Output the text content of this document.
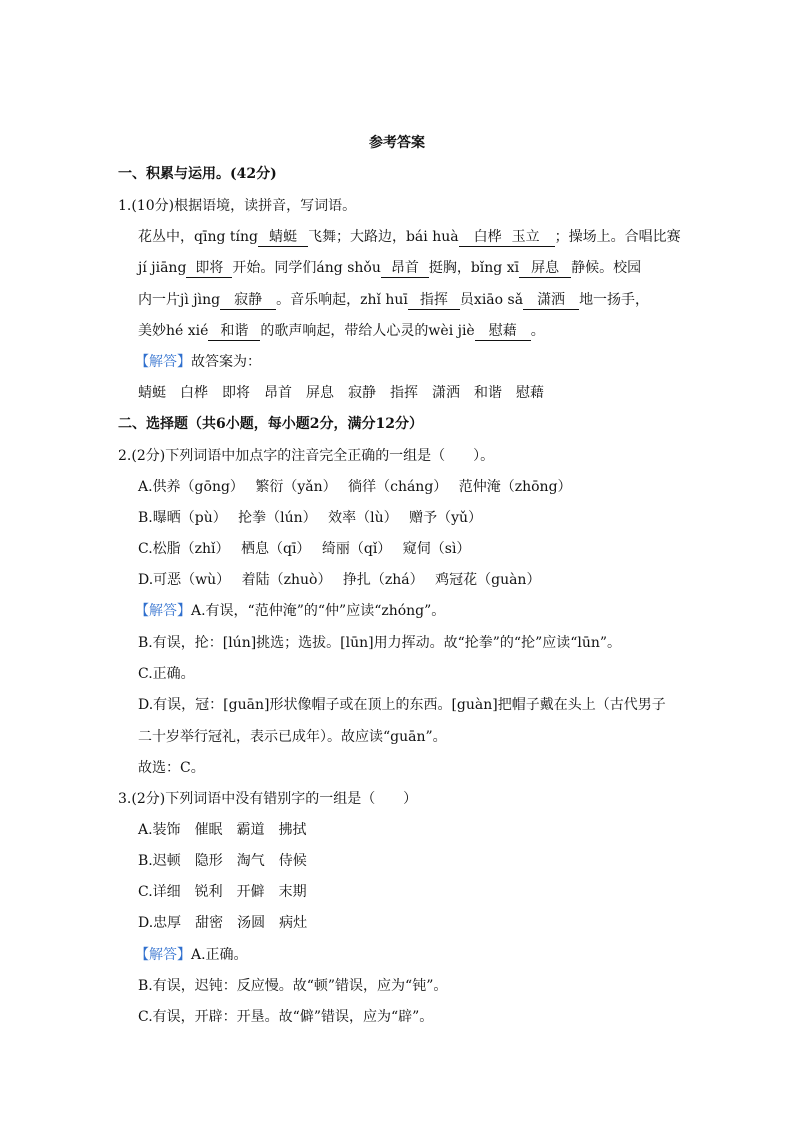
参考答案
一、积累与运用。(42分)
1.(10分)根据语境，读拼音，写词语。
花丛中，qīng tíng 蜻蜓 飞舞；大路边，bái huà 白桦 玉立 ；操场上。合唱比赛
jí jiāng 即将 开始。同学们áng shǒu 昂首 挺胸，bǐng xī 屏息 静候。校园
内一片jì jìng 寂静 。音乐响起，zhǐ huī 指挥 员xiāo sǎ 潇洒 地一扬手，
美妙hé xié 和谐 的歌声响起，带给人心灵的wèi jiè 慰藉 。
【解答】故答案为：
蜻蜓　白桦　即将　昂首　屏息　寂静　指挥　潇洒　和谐　慰藉
二、选择题（共6小题，每小题2分，满分12分）
2.(2分)下列词语中加点字的注音完全正确的一组是（　　）。
A.供养（gōng）　 繁衍（yǎn）　 徜徉（cháng）　 范仲淹（zhōng）
B.曝晒（pù）　 抡拳（lún）　 效率（lù）　 赠予（yǔ）
C.松脂（zhǐ）　 栖息（qī）　 绮丽（qǐ）　 窥伺（sì）
D.可恶（wù）　 着陆（zhuò）　 挣扎（zhá）　 鸡冠花（guàn）
【解答】A.有误，“范仲淹”的“仲”应读“zhóng”。
B.有误，抡：[lún]挑选；选拔。[lūn]用力挥动。故“抡拳”的“抡”应读“lūn”。
C.正确。
D.有误，冠：[guān]形状像帽子或在顶上的东西。[guàn]把帽子戴在头上（古代男子
二十岁举行冠礼，表示已成年）。故应读“guān”。
故选：C。
3.(2分)下列词语中没有错别字的一组是（　　）
A.装饰　催眠　霸道　拂拭
B.迟顿　隐形　淘气　侍候
C.详细　锐利　开僻　末期
D.忠厚　甜密　汤圆　病灶
【解答】A.正确。
B.有误，迟钝：反应慢。故“顿”错误，应为“钝”。
C.有误，开辟：开垦。故“僻”错误，应为“辟”。
